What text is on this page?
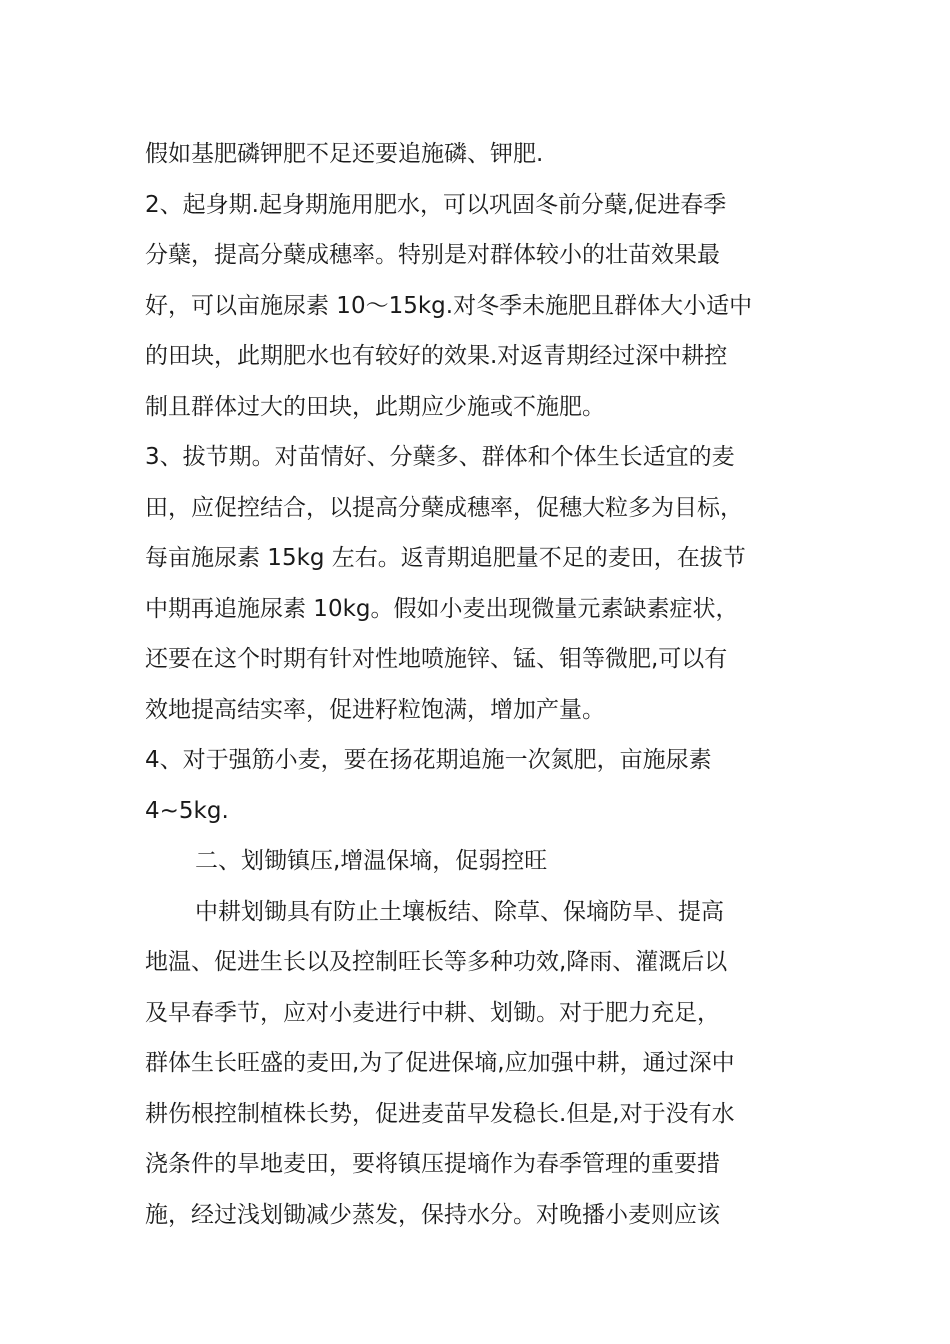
假如基肥磷钾肥不足还要追施磷、钾肥.
2、起身期.起身期施用肥水，可以巩固冬前分蘖,促进春季
分蘖，提高分蘖成穗率。特别是对群体较小的壮苗效果最
好，可以亩施尿素 10～15kg.对冬季未施肥且群体大小适中
的田块，此期肥水也有较好的效果.对返青期经过深中耕控
制且群体过大的田块，此期应少施或不施肥。
3、拔节期。对苗情好、分蘖多、群体和个体生长适宜的麦
田，应促控结合，以提高分蘖成穗率，促穗大粒多为目标，
每亩施尿素 15kg 左右。返青期追肥量不足的麦田，在拔节
中期再追施尿素 10kg。假如小麦出现微量元素缺素症状，
还要在这个时期有针对性地喷施锌、锰、钼等微肥,可以有
效地提高结实率，促进籽粒饱满，增加产量。
4、对于强筋小麦，要在扬花期追施一次氮肥，亩施尿素
4~5kg.
二、划锄镇压,增温保墒，促弱控旺
中耕划锄具有防止土壤板结、除草、保墒防旱、提高
地温、促进生长以及控制旺长等多种功效,降雨、灌溉后以
及早春季节，应对小麦进行中耕、划锄。对于肥力充足，
群体生长旺盛的麦田,为了促进保墒,应加强中耕，通过深中
耕伤根控制植株长势，促进麦苗早发稳长.但是,对于没有水
浇条件的旱地麦田，要将镇压提墒作为春季管理的重要措
施，经过浅划锄减少蒸发，保持水分。对晚播小麦则应该
